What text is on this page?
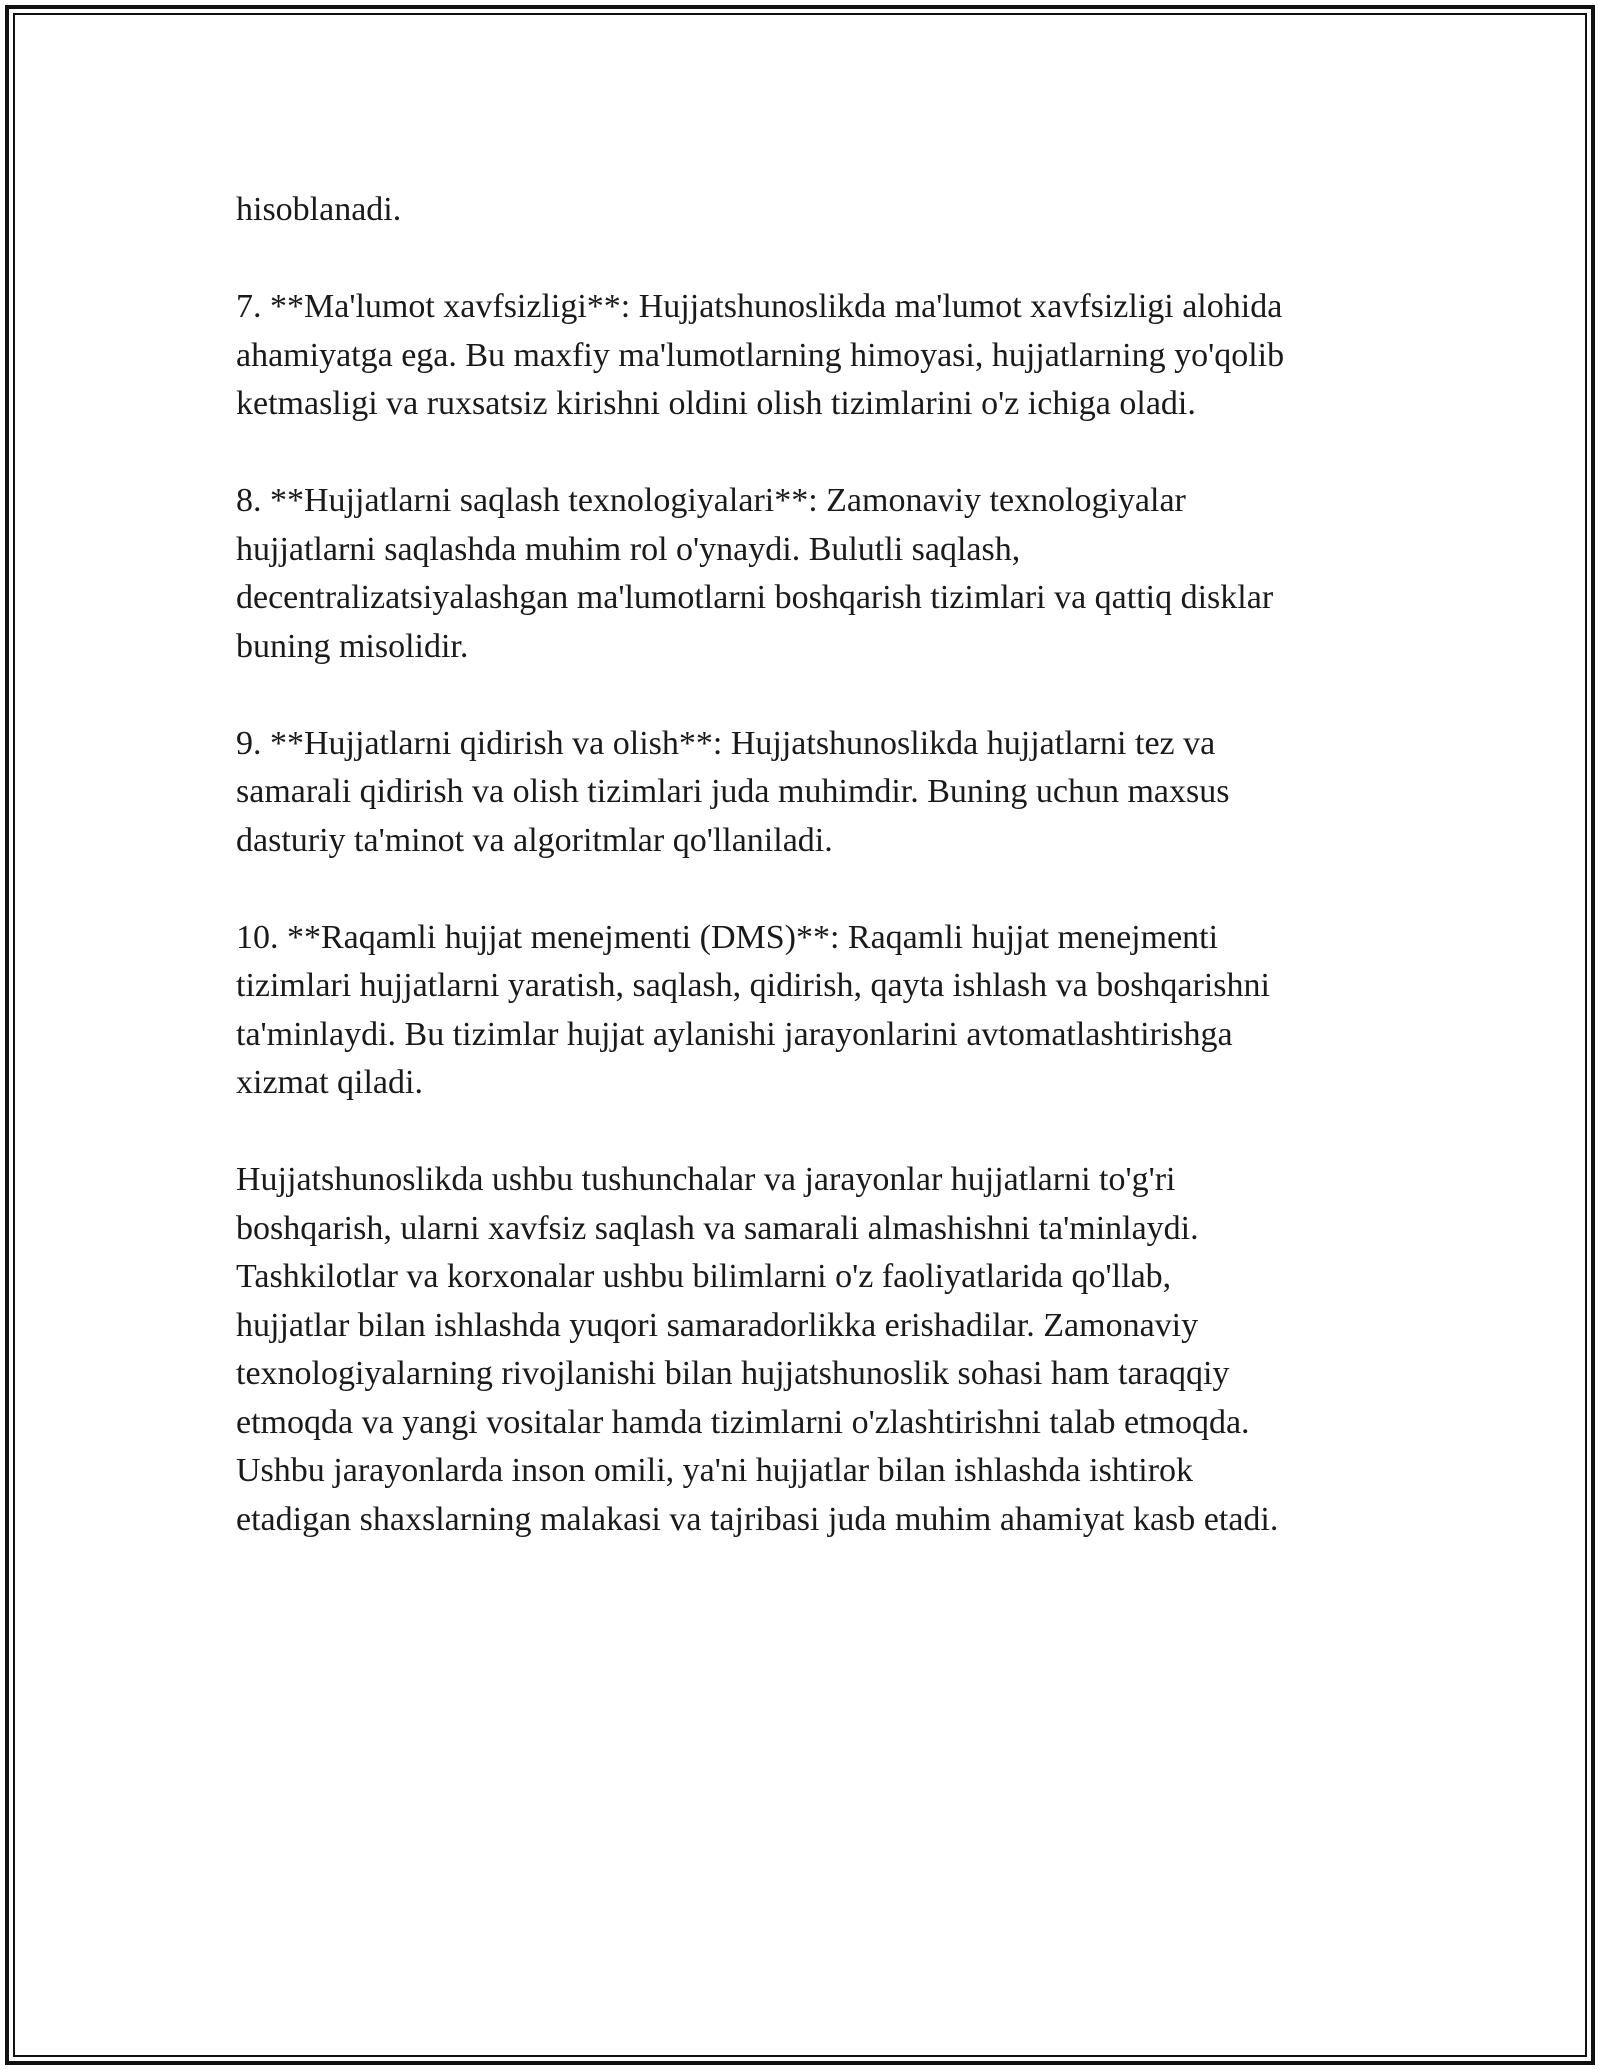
hisoblanadi.

7. **Ma'lumot xavfsizligi**: Hujjatshunoslikda ma'lumot xavfsizligi alohida
ahamiyatga ega. Bu maxfiy ma'lumotlarning himoyasi, hujjatlarning yo'qolib
ketmasligi va ruxsatsiz kirishni oldini olish tizimlarini o'z ichiga oladi.

8. **Hujjatlarni saqlash texnologiyalari**: Zamonaviy texnologiyalar
hujjatlarni saqlashda muhim rol o'ynaydi. Bulutli saqlash,
decentralizatsiyalashgan ma'lumotlarni boshqarish tizimlari va qattiq disklar
buning misolidir.

9. **Hujjatlarni qidirish va olish**: Hujjatshunoslikda hujjatlarni tez va
samarali qidirish va olish tizimlari juda muhimdir. Buning uchun maxsus
dasturiy ta'minot va algoritmlar qo'llaniladi.

10. **Raqamli hujjat menejmenti (DMS)**: Raqamli hujjat menejmenti
tizimlari hujjatlarni yaratish, saqlash, qidirish, qayta ishlash va boshqarishni
ta'minlaydi. Bu tizimlar hujjat aylanishi jarayonlarini avtomatlashtirishga
xizmat qiladi.

Hujjatshunoslikda ushbu tushunchalar va jarayonlar hujjatlarni to'g'ri
boshqarish, ularni xavfsiz saqlash va samarali almashishni ta'minlaydi.
Tashkilotlar va korxonalar ushbu bilimlarni o'z faoliyatlarida qo'llab,
hujjatlar bilan ishlashda yuqori samaradorlikka erishadilar. Zamonaviy
texnologiyalarning rivojlanishi bilan hujjatshunoslik sohasi ham taraqqiy
etmoqda va yangi vositalar hamda tizimlarni o'zlashtirishni talab etmoqda.
Ushbu jarayonlarda inson omili, ya'ni hujjatlar bilan ishlashda ishtirok
etadigan shaxslarning malakasi va tajribasi juda muhim ahamiyat kasb etadi.
